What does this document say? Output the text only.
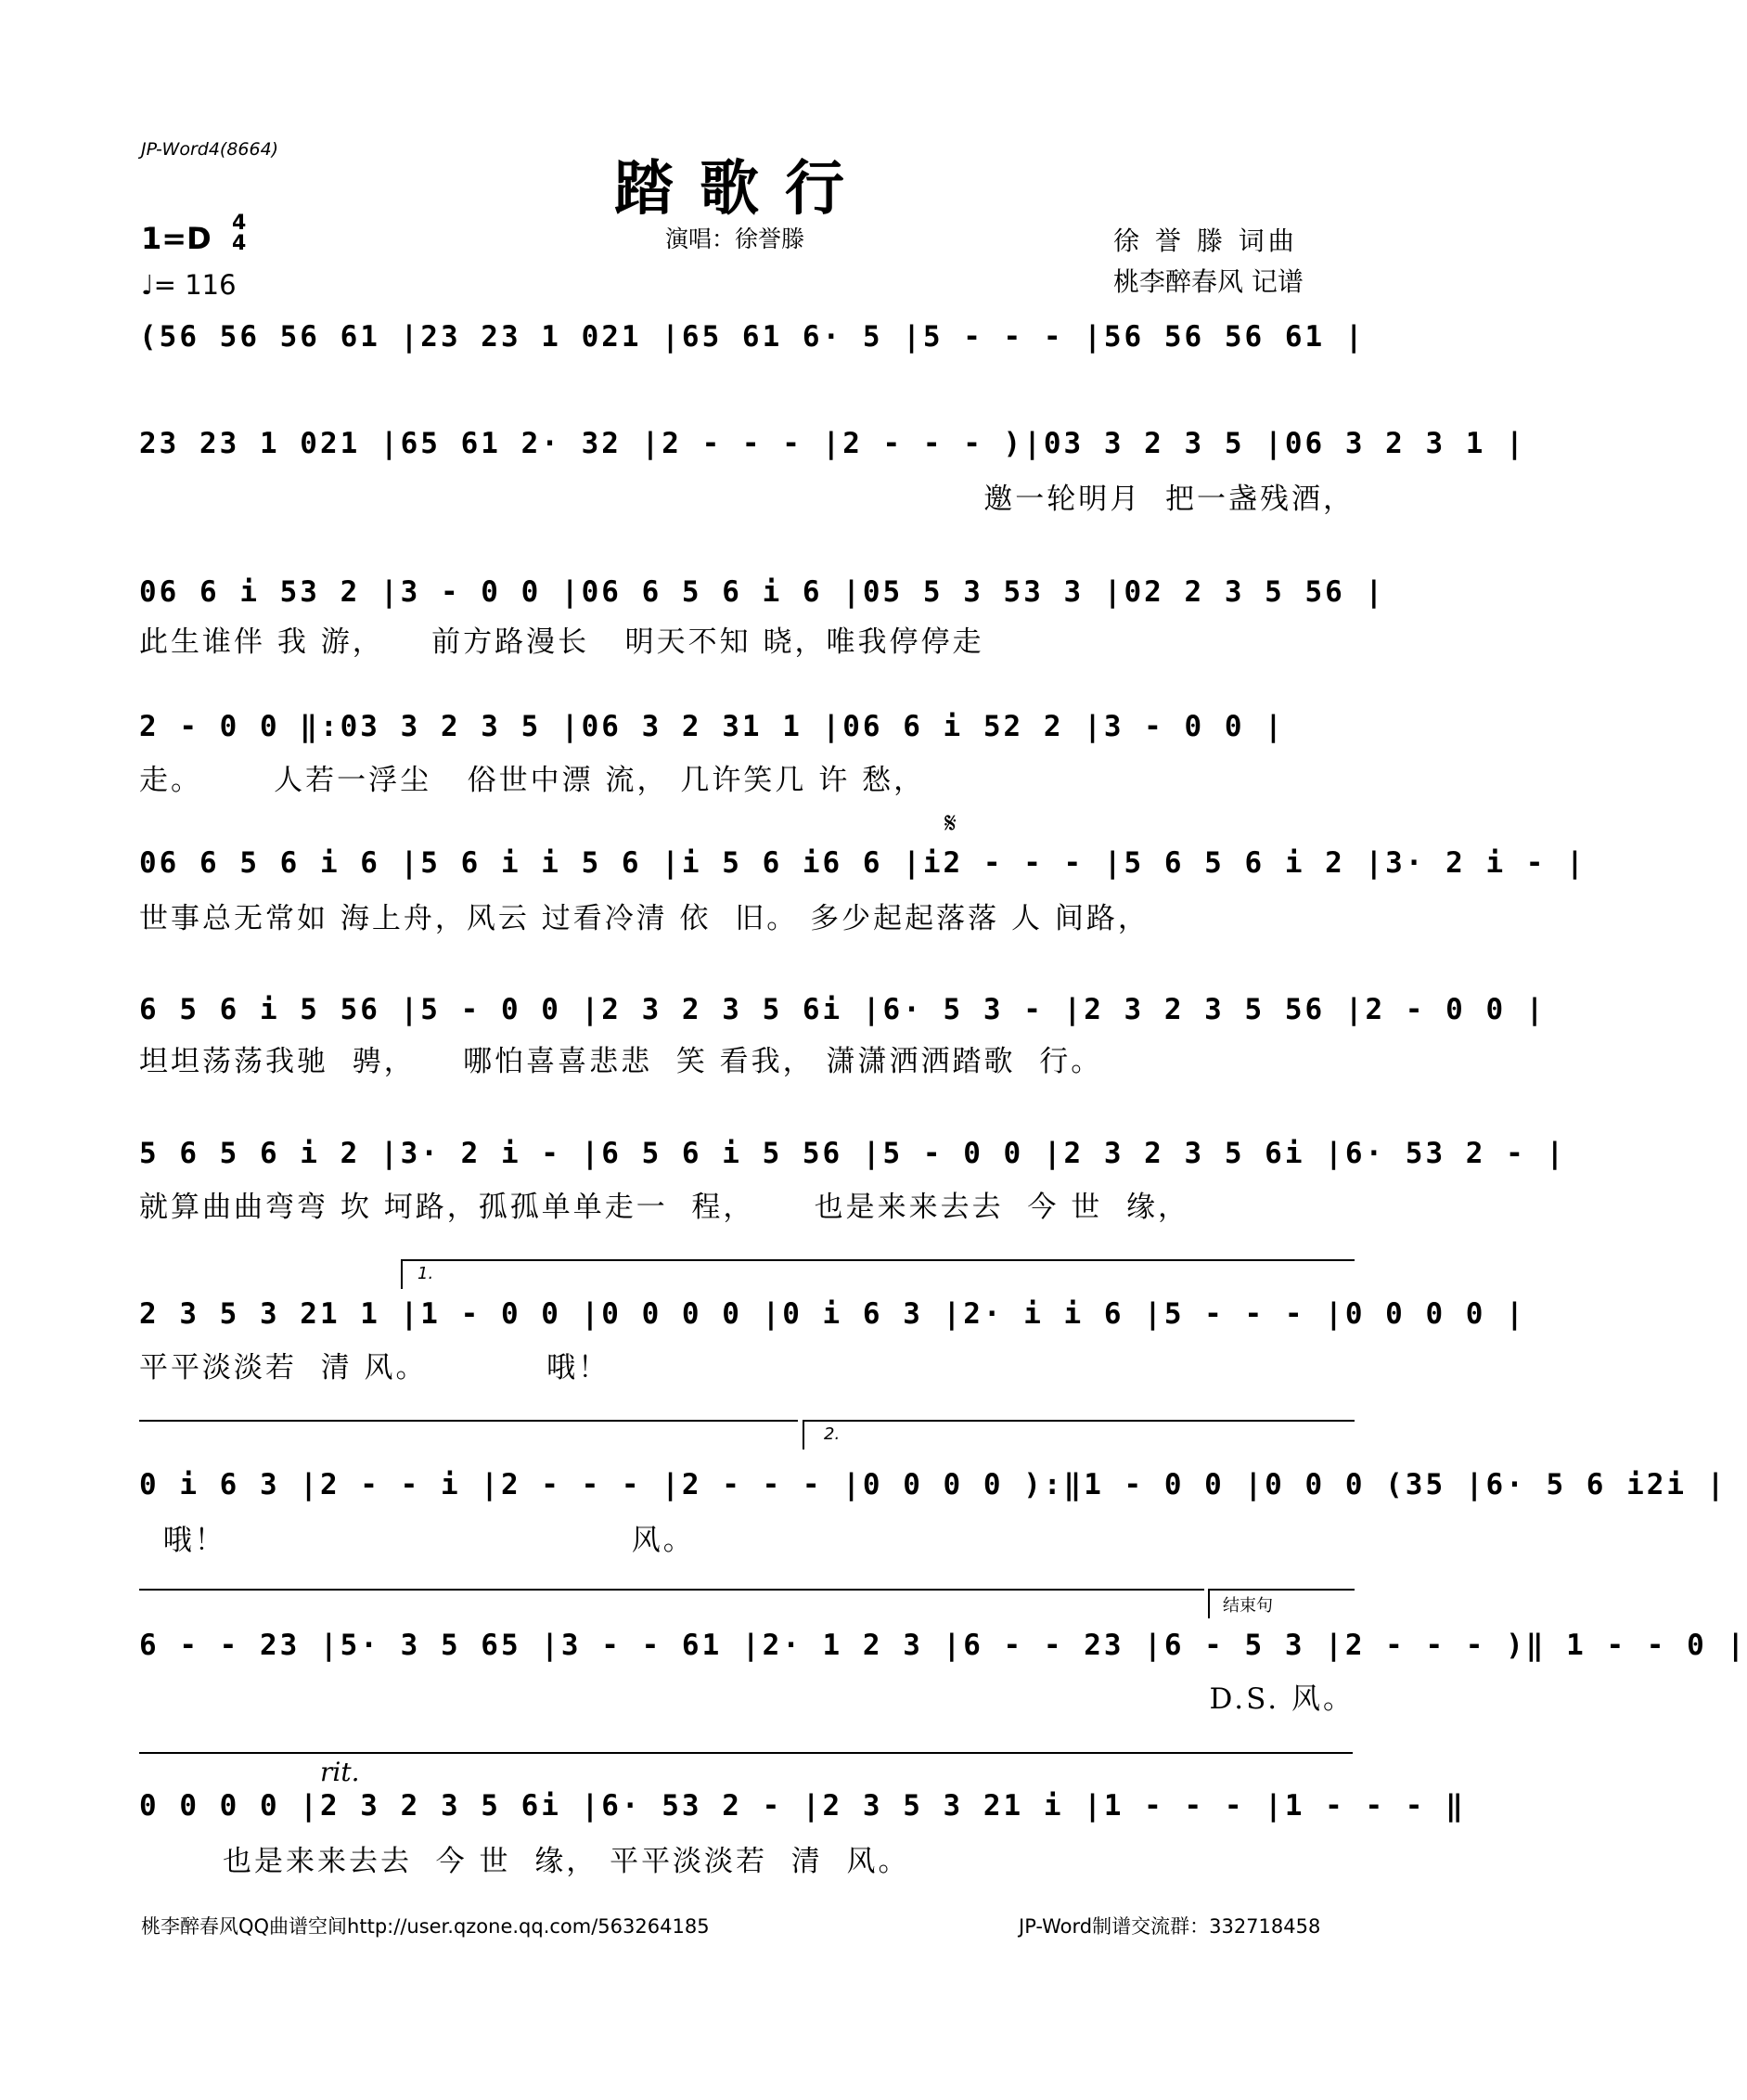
JP-Word4(8664)
踏歌行
1=D 4
4
♩= 116
演唱：徐誉滕	徐 誉 滕 词曲
桃李醉春风 记谱
(56 56 56 61 |23 23 1 021 |65 61 6· 5 |5 - - - |56 56 56 61 |
23 23 1 021 |65 61 2· 32 |2 - - - |2 - - - )|03 3 2 3 5 |06 3 2 3 1 |
邀一轮明月  把一盏残酒，
06 6 i 53 2 |3 - 0 0 |06 6 5 6 i 6 |05 5 3 53 3 |02 2 3 5 56 |
此生谁伴 我 游，    前方路漫长   明天不知 晓，唯我停停走
2 - 0 0 ‖:03 3 2 3 5 |06 3 2 31 1 |06 6 i 52 2 |3 - 0 0 |
走。      人若一浮尘   俗世中漂 流， 几许笑几 许 愁，
𝄋
06 6 5 6 i 6 |5 6 i i 5 6 |i 5 6 i6 6 |i2 - - - |5 6 5 6 i 2 |3· 2 i - |
世事总无常如 海上舟，风云 过看冷清 依  旧。 多少起起落落 人 间路，
6 5 6 i 5 56 |5 - 0 0 |2 3 2 3 5 6i |6· 5 3 - |2 3 2 3 5 56 |2 - 0 0 |
坦坦荡荡我驰  骋，    哪怕喜喜悲悲  笑 看我， 潇潇洒洒踏歌  行。
5 6 5 6 i 2 |3· 2 i - |6 5 6 i 5 56 |5 - 0 0 |2 3 2 3 5 6i |6· 53 2 - |
就算曲曲弯弯 坎 坷路，孤孤单单走一  程，     也是来来去去  今 世  缘，
1.
2 3 5 3 21 1 |1 - 0 0 |0 0 0 0 |0 i 6 3 |2· i i 6 |5 - - - |0 0 0 0 |
平平淡淡若  清 风。          哦！
2.
0 i 6 3 |2 - - i |2 - - - |2 - - - |0 0 0 0 ):‖1 - 0 0 |0 0 0 (35 |6· 5 6 i2i |
哦！                                  风。
结束句
6 - - 23 |5· 3 5 65 |3 - - 61 |2· 1 2 3 |6 - - 23 |6 - 5 3 |2 - - - )‖ 1 - - 0 |
D.S. 风。
rit.
0 0 0 0 |2 3 2 3 5 6i |6· 53 2 - |2 3 5 3 21 i |1 - - - |1 - - - ‖
也是来来去去  今 世  缘， 平平淡淡若  清  风。
桃李醉春风QQ曲谱空间http://user.qzone.qq.com/563264185	JP-Word制谱交流群：332718458
